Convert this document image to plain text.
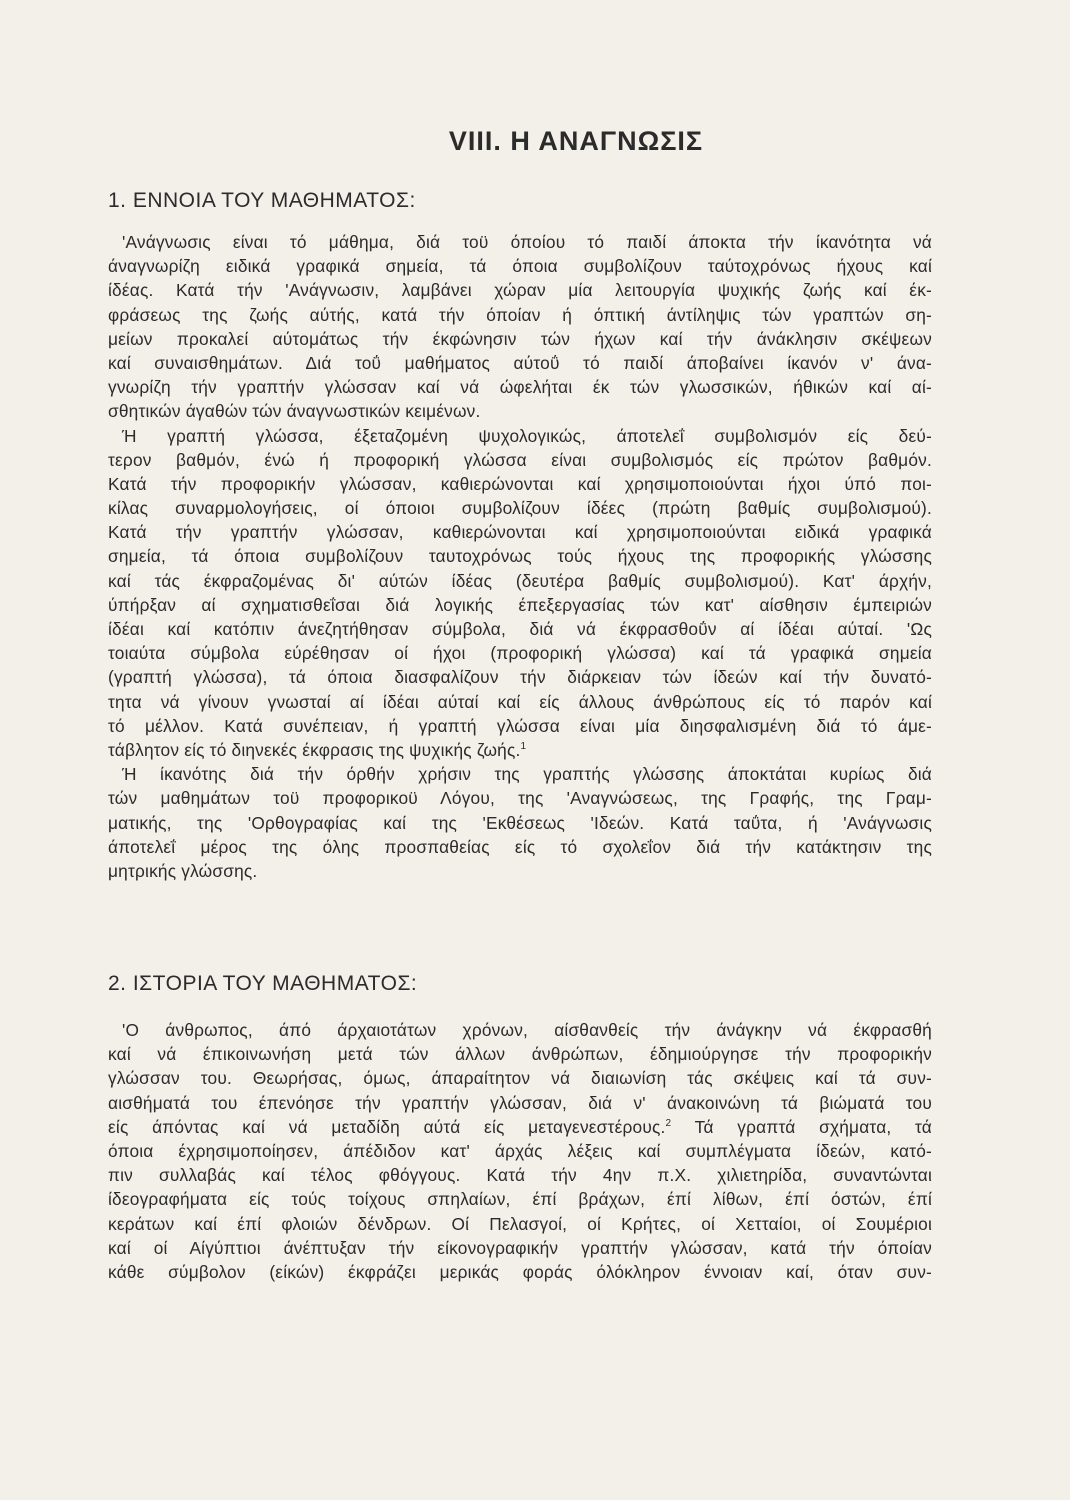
VIII. Η ΑΝΑΓΝΩΣΙΣ
1. ΕΝΝΟΙΑ ΤΟΥ ΜΑΘΗΜΑΤΟΣ:
'Ανάγνωσις είναι τό μάθημα, διά τοϋ όποίου τό παιδί άποκτα τήν ίκανότητα νά
άναγνωρίζη ειδικά γραφικά σημεία, τά όποια συμβολίζουν ταύτοχρόνως ήχους καί
ίδέας. Κατά τήν 'Ανάγνωσιν, λαμβάνει χώραν μία λειτουργία ψυχικής ζωής καί έκ-
φράσεως της ζωής αύτής, κατά τήν όποίαν ή όπτική άντίληψις τών γραπτών ση-
μείων προκαλεί αύτομάτως τήν έκφώνησιν τών ήχων καί τήν άνάκλησιν σκέψεων
καί συναισθημάτων. Διά τοΰ μαθήματος αύτοΰ τό παιδί άποβαίνει ίκανόν ν' άνα-
γνωρίζη τήν γραπτήν γλώσσαν καί νά ώφελήται έκ τών γλωσσικών, ήθικών καί αί-
σθητικών άγαθών τών άναγνωστικών κειμένων.
Ή γραπτή γλώσσα, έξεταζομένη ψυχολογικώς, άποτελεΐ συμβολισμόν είς δεύ-
τερον βαθμόν, ένώ ή προφορική γλώσσα είναι συμβολισμός είς πρώτον βαθμόν.
Κατά τήν προφορικήν γλώσσαν, καθιερώνονται καί χρησιμοποιούνται ήχοι ύπό ποι-
κίλας συναρμολογήσεις, οί όποιοι συμβολίζουν ίδέες (πρώτη βαθμίς συμβολισμού).
Κατά τήν γραπτήν γλώσσαν, καθιερώνονται καί χρησιμοποιούνται ειδικά γραφικά
σημεία, τά όποια συμβολίζουν ταυτοχρόνως τούς ήχους της προφορικής γλώσσης
καί τάς έκφραζομένας δι' αύτών ίδέας (δευτέρα βαθμίς συμβολισμού). Κατ' άρχήν,
ύπήρξαν αί σχηματισθεΐσαι διά λογικής έπεξεργασίας τών κατ' αίσθησιν έμπειριών
ίδέαι καί κατόπιν άνεζητήθησαν σύμβολα, διά νά έκφρασθοΰν αί ίδέαι αύταί. 'Ως
τοιαύτα σύμβολα εύρέθησαν οί ήχοι (προφορική γλώσσα) καί τά γραφικά σημεία
(γραπτή γλώσσα), τά όποια διασφαλίζουν τήν διάρκειαν τών ίδεών καί τήν δυνατό-
τητα νά γίνουν γνωσταί αί ίδέαι αύταί καί είς άλλους άνθρώπους είς τό παρόν καί
τό μέλλον. Κατά συνέπειαν, ή γραπτή γλώσσα είναι μία διησφαλισμένη διά τό άμε-
τάβλητον είς τό διηνεκές έκφρασις της ψυχικής ζωής.$^1$
Ή ίκανότης διά τήν όρθήν χρήσιν της γραπτής γλώσσης άποκτάται κυρίως διά
τών μαθημάτων τοϋ προφορικοϋ Λόγου, της 'Αναγνώσεως, της Γραφής, της Γραμ-
ματικής, της 'Ορθογραφίας καί της 'Εκθέσεως 'Ιδεών. Κατά ταΰτα, ή 'Ανάγνωσις
άποτελεΐ μέρος της όλης προσπαθείας είς τό σχολεΐον διά τήν κατάκτησιν της
μητρικής γλώσσης.
2. ΙΣΤΟΡΙΑ ΤΟΥ ΜΑΘΗΜΑΤΟΣ:
'Ο άνθρωπος, άπό άρχαιοτάτων χρόνων, αίσθανθείς τήν άνάγκην νά έκφρασθή
καί νά έπικοινωνήση μετά τών άλλων άνθρώπων, έδημιούργησε τήν προφορικήν
γλώσσαν του. Θεωρήσας, όμως, άπαραίτητον νά διαιωνίση τάς σκέψεις καί τά συν-
αισθήματά του έπενόησε τήν γραπτήν γλώσσαν, διά ν' άνακοινώνη τά βιώματά του
είς άπόντας καί νά μεταδίδη αύτά είς μεταγενεστέρους.$^2$ Τά γραπτά σχήματα, τά
όποια έχρησιμοποίησεν, άπέδιδον κατ' άρχάς λέξεις καί συμπλέγματα ίδεών, κατό-
πιν συλλαβάς καί τέλος φθόγγους. Κατά τήν 4ην π.Χ. χιλιετηρίδα, συναντώνται
ίδεογραφήματα είς τούς τοίχους σπηλαίων, έπί βράχων, έπί λίθων, έπί όστών, έπί
κεράτων καί έπί φλοιών δένδρων. Οί Πελασγοί, οί Κρήτες, οί Χετταίοι, οί Σουμέριοι
καί οί Αίγύπτιοι άνέπτυξαν τήν είκονογραφικήν γραπτήν γλώσσαν, κατά τήν όποίαν
κάθε σύμβολον (είκών) έκφράζει μερικάς φοράς όλόκληρον έννοιαν καί, όταν συν-
